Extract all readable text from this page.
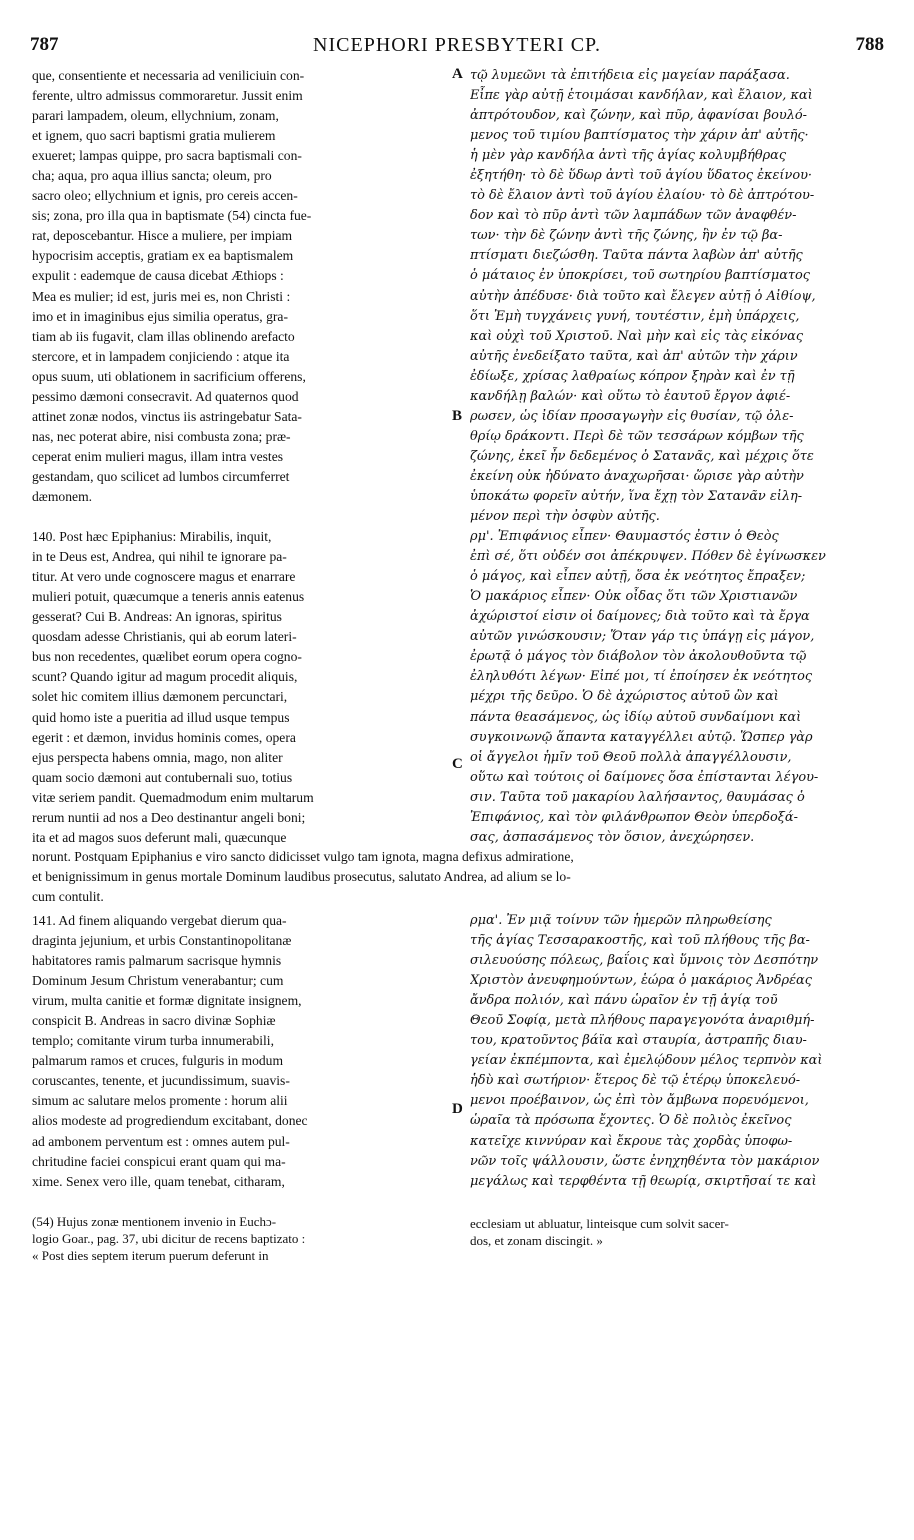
787	NICEPHORI PRESBYTERI CP.	788
que, consentiente et necessaria ad veniliciuin con-
ferente, ultro admissus commoraretur. Jussit enim
parari lampadem, oleum, ellychnium, zonam,
et ignem, quo sacri baptismi gratia mulierem
exueret; lampas quippe, pro sacra baptismali con-
cha; aqua, pro aqua illius sancta; oleum, pro
sacro oleo; ellychnium et ignis, pro cereis accen-
sis; zona, pro illa qua in baptismate (54) cincta fue-
rat, deposcebantur. Hisce a muliere, per impiam
hypocrisim acceptis, gratiam ex ea baptismalem
expulit : eademque de causa dicebat Æthiops :
Mea es mulier; id est, juris mei es, non Christi :
imo et in imaginibus ejus similia operatus, gra-
tiam ab iis fugavit, clam illas oblinendo arefacto
stercore, et in lampadem conjiciendo : atque ita
opus suum, uti oblationem in sacrificium offerens,
pessimo dæmoni consecravit. Ad quaternos quod
attinet zonæ nodos, vinctus iis astringebatur Sata-
nas, nec poterat abire, nisi combusta zona; præ-
ceperat enim mulieri magus, illam intra vestes
gestandam, quo scilicet ad lumbos circumferret
dæmonem.

140. Post hæc Epiphanius: Mirabilis, inquit,
in te Deus est, Andrea, qui nihil te ignorare pa-
titur. At vero unde cognoscere magus et enarrare
mulieri potuit, quæcumque a teneris annis eatenus
gesserat? Cui B. Andreas: An ignoras, spiritus
quosdam adesse Christianis, qui ab eorum lateri-
bus non recedentes, quælibet eorum opera cogno-
scunt? Quando igitur ad magum procedit aliquis,
solet hic comitem illius dæmonem percunctari,
quid homo iste a pueritia ad illud usque tempus
egerit : et dæmon, invidus hominis comes, opera
ejus perspecta habens omnia, mago, non aliter
quam socio dæmoni aut contubernali suo, totius
vitæ seriem pandit. Quemadmodum enim multarum
rerum nuntii ad nos a Deo destinantur angeli boni;
ita et ad magos suos deferunt mali, quæcunque
τῷ λυμεῶνι τὰ ἐπιτήδεια εἰς μαγείαν παράξασα.
Εἶπε γὰρ αὐτῇ ἑτοιμάσαι κανδήλαν, καὶ ἔλαιον, καὶ
ἀπτρότουδον, καὶ ζώνην, καὶ πῦρ, ἀφανίσαι βουλό-
μενος τοῦ τιμίου βαπτίσματος τὴν χάριν ἀπ' αὐτῆς·
ἡ μὲν γὰρ κανδήλα ἀντὶ τῆς ἁγίας κολυμβήθρας
ἐξητήθη· τὸ δὲ ὕδωρ ἀντὶ τοῦ ἁγίου ὕδατος ἐκείνου·
τὸ δὲ ἔλαιον ἀντὶ τοῦ ἁγίου ἐλαίου· τὸ δὲ ἀπτρότου-
δον καὶ τὸ πῦρ ἀντὶ τῶν λαμπάδων τῶν ἀναφθέν-
των· τὴν δὲ ζώνην ἀντὶ τῆς ζώνης, ἣν ἐν τῷ βα-
πτίσματι διεζώσθη. Ταῦτα πάντα λαβὼν ἀπ' αὐτῆς
ὁ μάταιος ἐν ὑποκρίσει, τοῦ σωτηρίου βαπτίσματος
αὐτὴν ἀπέδυσε· διὰ τοῦτο καὶ ἔλεγεν αὐτῇ ὁ Αἰθίοψ,
ὅτι Ἐμὴ τυγχάνεις γυνή, τουτέστιν, ἐμὴ ὑπάρχεις,
καὶ οὐχὶ τοῦ Χριστοῦ. Ναὶ μὴν καὶ εἰς τὰς εἰκόνας
αὐτῆς ἐνεδείξατο ταῦτα, καὶ ἀπ' αὐτῶν τὴν χάριν
ἐδίωξε, χρίσας λαθραίως κόπρον ξηρὰν καὶ ἐν τῇ
κανδήλῃ βαλών· καὶ οὕτω τὸ ἑαυτοῦ ἔργον ἀφιέ-
ρωσεν, ὡς ἰδίαν προσαγωγὴν εἰς θυσίαν, τῷ ὀλε-
θρίῳ δράκοντι. Περὶ δὲ τῶν τεσσάρων κόμβων τῆς
ζώνης, ἐκεῖ ἦν δεδεμένος ὁ Σατανᾶς, καὶ μέχρις ὅτε
ἐκείνη οὐκ ἠδύνατο ἀναχωρῆσαι· ὥρισε γὰρ αὐτὴν
ὑποκάτω φορεῖν αὐτήν, ἵνα ἔχῃ τὸν Σατανᾶν εἰλη-
μένον περὶ τὴν ὀσφὺν αὐτῆς.
ρμ'. Ἐπιφάνιος εἶπεν· Θαυμαστός ἐστιν ὁ Θεὸς
ἐπὶ σέ, ὅτι οὐδέν σοι ἀπέκρυψεν. Πόθεν δὲ ἐγίνωσκεν
ὁ μάγος, καὶ εἶπεν αὐτῇ, ὅσα ἐκ νεότητος ἔπραξεν;
Ὁ μακάριος εἶπεν· Οὐκ οἶδας ὅτι τῶν Χριστιανῶν
ἀχώριστοί εἰσιν οἱ δαίμονες; διὰ τοῦτο καὶ τὰ ἔργα
αὐτῶν γινώσκουσιν; Ὅταν γάρ τις ὑπάγῃ εἰς μάγον,
ἐρωτᾷ ὁ μάγος τὸν διάβολον τὸν ἀκολουθοῦντα τῷ
ἐληλυθότι λέγων· Εἰπέ μοι, τί ἐποίησεν ἐκ νεότητος
μέχρι τῆς δεῦρο. Ὁ δὲ ἀχώριστος αὐτοῦ ὢν καὶ
πάντα θεασάμενος, ὡς ἰδίῳ αὐτοῦ συνδαίμονι καὶ
συγκοινωνῷ ἅπαντα καταγγέλλει αὐτῷ. Ὥσπερ γὰρ
οἱ ἄγγελοι ἡμῖν τοῦ Θεοῦ πολλὰ ἀπαγγέλλουσιν,
οὕτω καὶ τούτοις οἱ δαίμονες ὅσα ἐπίστανται λέγου-
σιν. Ταῦτα τοῦ μακαρίου λαλήσαντος, θαυμάσας ὁ
Ἐπιφάνιος, καὶ τὸν φιλάνθρωπον Θεὸν ὑπερδοξά-
σας, ἀσπασάμενος τὸν ὅσιον, ἀνεχώρησεν.
A
B
C
D
norunt. Postquam Epiphanius e viro sancto didicisset vulgo tam ignota, magna defixus admiratione,
et benignissimum in genus mortale Dominum laudibus prosecutus, salutato Andrea, ad alium se lo-
cum contulit.
141. Ad finem aliquando vergebat dierum qua-
draginta jejunium, et urbis Constantinopolitanæ
habitatores ramis palmarum sacrisque hymnis
Dominum Jesum Christum venerabantur; cum
virum, multa canitie et formæ dignitate insignem,
conspicit B. Andreas in sacro divinæ Sophiæ
templo; comitante virum turba innumerabili,
palmarum ramos et cruces, fulguris in modum
coruscantes, tenente, et jucundissimum, suavis-
simum ac salutare melos promente : horum alii
alios modeste ad progrediendum excitabant, donec
ad ambonem perventum est : omnes autem pul-
chritudine faciei conspicui erant quam qui ma-
xime. Senex vero ille, quam tenebat, citharam,
ρμα'. Ἐν μιᾷ τοίνυν τῶν ἡμερῶν πληρωθείσης
τῆς ἁγίας Τεσσαρακοστῆς, καὶ τοῦ πλήθους τῆς βα-
σιλευούσης πόλεως, βαΐοις καὶ ὕμνοις τὸν Δεσπότην
Χριστὸν ἀνευφημούντων, ἑώρα ὁ μακάριος Ἀνδρέας
ἄνδρα πολιόν, καὶ πάνυ ὡραῖον ἐν τῇ ἁγίᾳ τοῦ
Θεοῦ Σοφίᾳ, μετὰ πλήθους παραγεγονότα ἀναριθμή-
του, κρατοῦντος βάϊα καὶ σταυρία, ἀστραπῆς διαυ-
γείαν ἐκπέμποντα, καὶ ἐμελῴδουν μέλος τερπνὸν καὶ
ἡδὺ καὶ σωτήριον· ἕτερος δὲ τῷ ἑτέρῳ ὑποκελευό-
μενοι προέβαινον, ὡς ἐπὶ τὸν ἄμβωνα πορευόμενοι,
ὡραῖα τὰ πρόσωπα ἔχοντες. Ὁ δὲ πολιὸς ἐκεῖνος
κατεῖχε κιννύραν καὶ ἔκρουε τὰς χορδὰς ὑποφω-
νῶν τοῖς ψάλλουσιν, ὥστε ἐνηχηθέντα τὸν μακάριον
μεγάλως καὶ τερφθέντα τῇ θεωρίᾳ, σκιρτῆσαί τε καὶ
(54) Hujus zonæ mentionem invenio in Euchɔ-
logio Goar., pag. 37, ubi dicitur de recens baptizato :
« Post dies septem iterum puerum deferunt in
ecclesiam ut abluatur, linteisque cum solvit sacer-
dos, et zonam discingit. »
